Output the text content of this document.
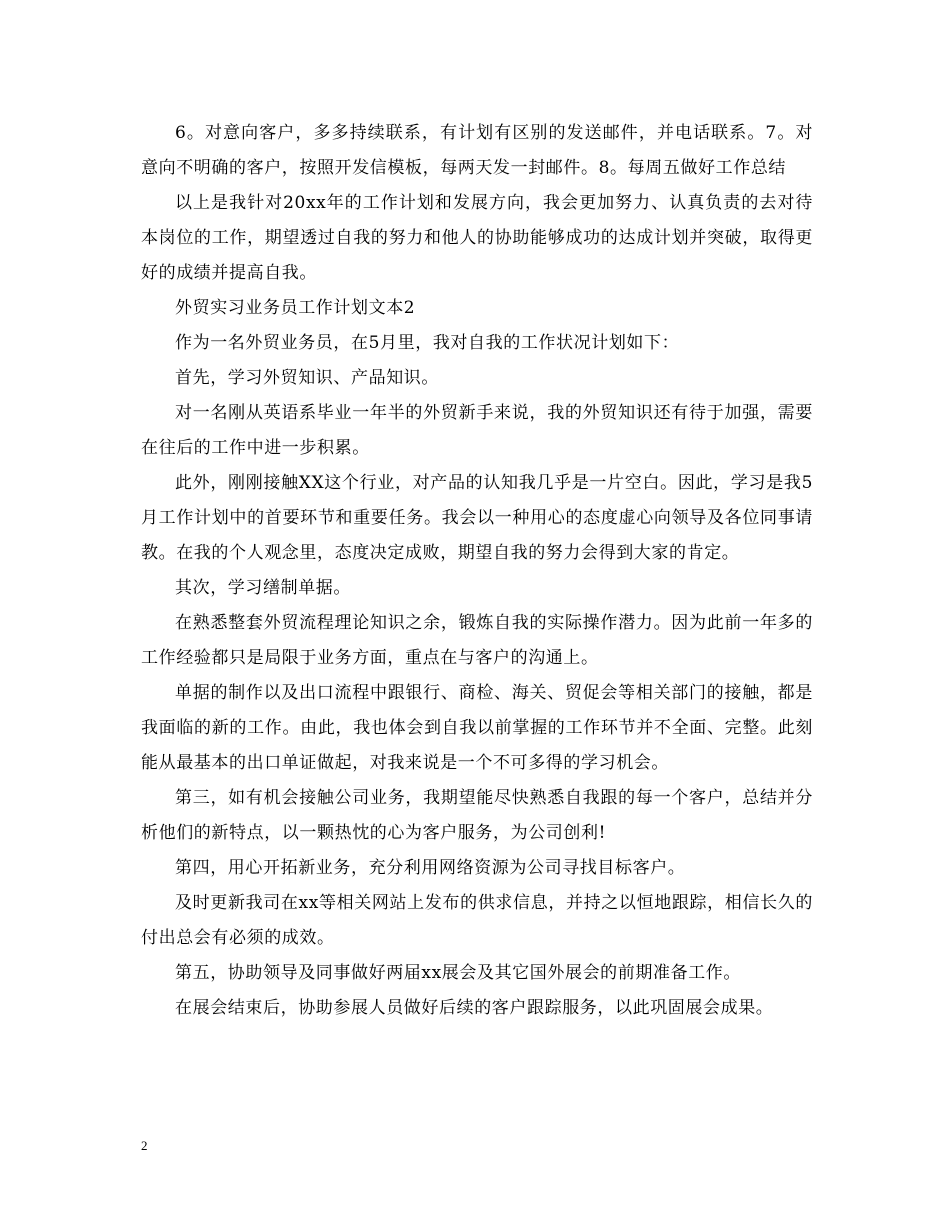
6。对意向客户，多多持续联系，有计划有区别的发送邮件，并电话联系。7。对意向不明确的客户，按照开发信模板，每两天发一封邮件。8。每周五做好工作总结

以上是我针对20xx年的工作计划和发展方向，我会更加努力、认真负责的去对待本岗位的工作，期望透过自我的努力和他人的协助能够成功的达成计划并突破，取得更好的成绩并提高自我。

外贸实习业务员工作计划文本2

作为一名外贸业务员，在5月里，我对自我的工作状况计划如下：

首先，学习外贸知识、产品知识。

对一名刚从英语系毕业一年半的外贸新手来说，我的外贸知识还有待于加强，需要在往后的工作中进一步积累。

此外，刚刚接触XX这个行业，对产品的认知我几乎是一片空白。因此，学习是我5月工作计划中的首要环节和重要任务。我会以一种用心的态度虚心向领导及各位同事请教。在我的个人观念里，态度决定成败，期望自我的努力会得到大家的肯定。

其次，学习缮制单据。

在熟悉整套外贸流程理论知识之余，锻炼自我的实际操作潜力。因为此前一年多的工作经验都只是局限于业务方面，重点在与客户的沟通上。

单据的制作以及出口流程中跟银行、商检、海关、贸促会等相关部门的接触，都是我面临的新的工作。由此，我也体会到自我以前掌握的工作环节并不全面、完整。此刻能从最基本的出口单证做起，对我来说是一个不可多得的学习机会。

第三，如有机会接触公司业务，我期望能尽快熟悉自我跟的每一个客户，总结并分析他们的新特点，以一颗热忱的心为客户服务，为公司创利!

第四，用心开拓新业务，充分利用网络资源为公司寻找目标客户。

及时更新我司在xx等相关网站上发布的供求信息，并持之以恒地跟踪，相信长久的付出总会有必须的成效。

第五，协助领导及同事做好两届xx展会及其它国外展会的前期准备工作。

在展会结束后，协助参展人员做好后续的客户跟踪服务，以此巩固展会成果。

2
